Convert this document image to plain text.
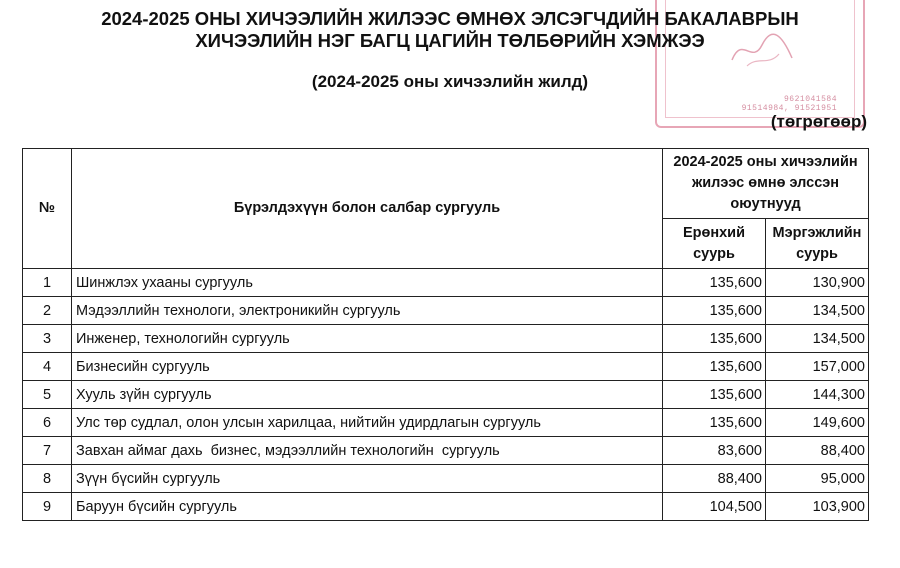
9621041584
91514984, 91521951
2024-2025 ОНЫ ХИЧЭЭЛИЙН ЖИЛЭЭС ӨМНӨХ ЭЛСЭГЧДИЙН БАКАЛАВРЫН
ХИЧЭЭЛИЙН НЭГ БАГЦ ЦАГИЙН ТӨЛБӨРИЙН ХЭМЖЭЭ
(2024-2025 оны хичээлийн жилд)
(төгрөгөөр)
№	Бүрэлдэхүүн болон салбар сургууль	2024-2025 оны хичээлийн жилээс өмнө элссэн оюутнууд	
		Ерөнхий суурь	Мэргэжлийн суурь
1	Шинжлэх ухааны сургууль	135,600	130,900
2	Мэдээллийн технологи, электроникийн сургууль	135,600	134,500
3	Инженер, технологийн сургууль	135,600	134,500
4	Бизнесийн сургууль	135,600	157,000
5	Хууль зүйн сургууль	135,600	144,300
6	Улс төр судлал, олон улсын харилцаа, нийтийн удирдлагын сургууль	135,600	149,600
7	Завхан аймаг дахь  бизнес, мэдээллийн технологийн  сургууль	83,600	88,400
8	Зүүн бүсийн сургууль	88,400	95,000
9	Баруун бүсийн сургууль	104,500	103,900
